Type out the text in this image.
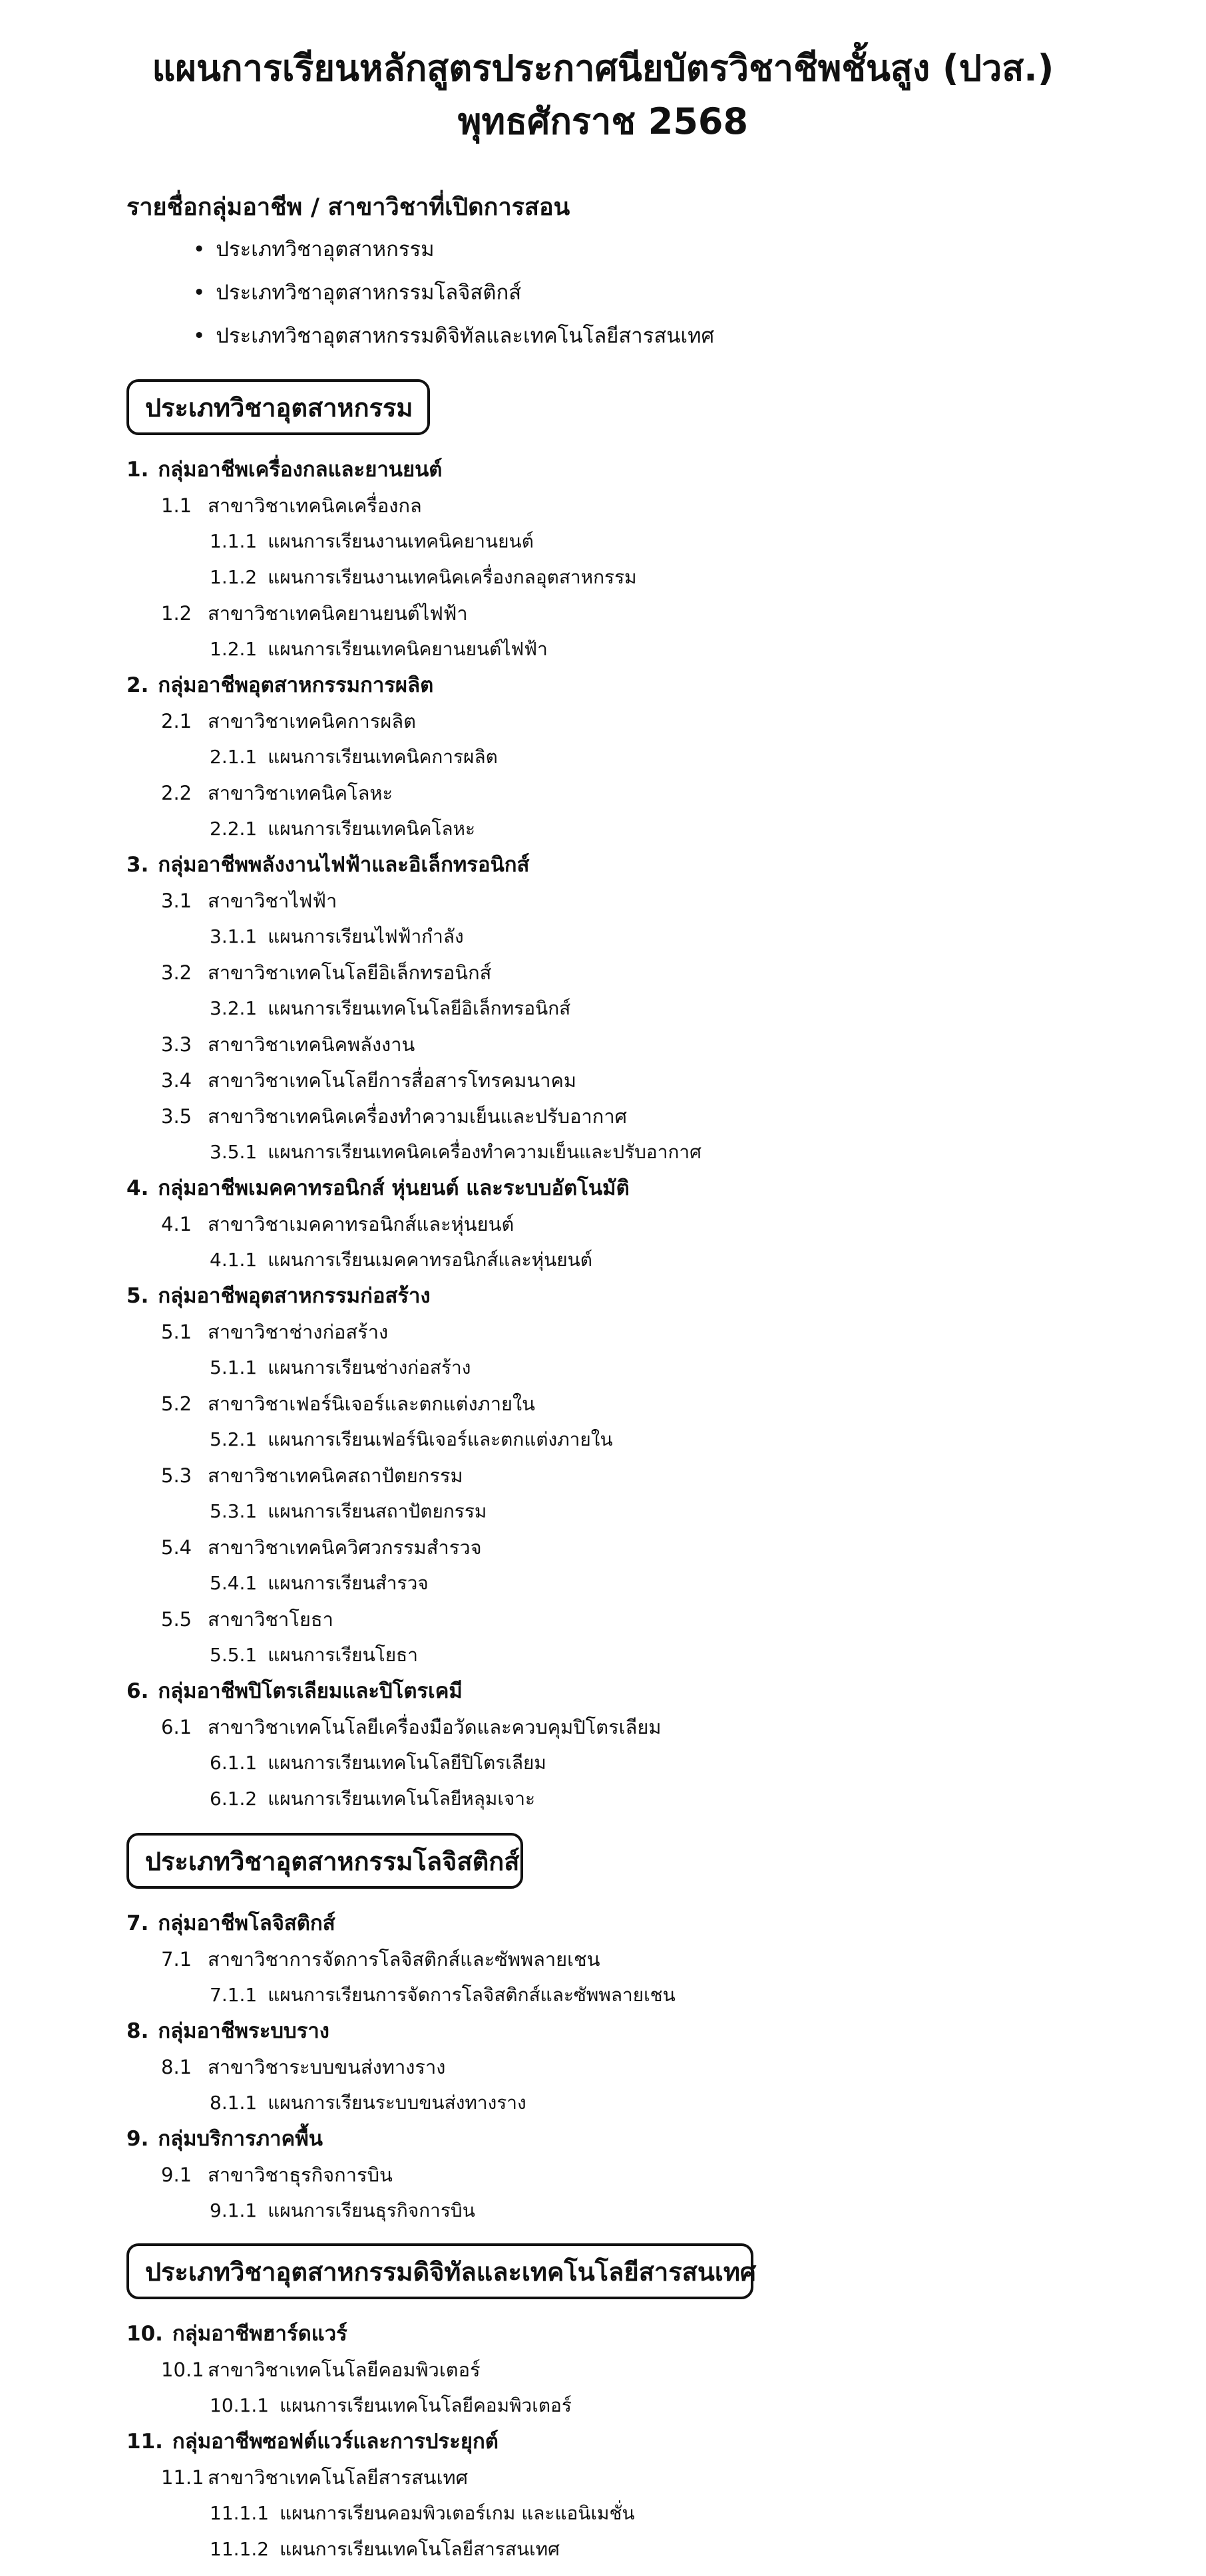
แผนการเรียนหลักสูตรประกาศนียบัตรวิชาชีพชั้นสูง (ปวส.)
พุทธศักราช 2568
รายชื่อกลุ่มอาชีพ / สาขาวิชาที่เปิดการสอน
• ประเภทวิชาอุตสาหกรรม
• ประเภทวิชาอุตสาหกรรมโลจิสติกส์
• ประเภทวิชาอุตสาหกรรมดิจิทัลและเทคโนโลยีสารสนเทศ
ประเภทวิชาอุตสาหกรรม
1. กลุ่มอาชีพเครื่องกลและยานยนต์
1.1 สาขาวิชาเทคนิคเครื่องกล
1.1.1 แผนการเรียนงานเทคนิคยานยนต์
1.1.2 แผนการเรียนงานเทคนิคเครื่องกลอุตสาหกรรม
1.2 สาขาวิชาเทคนิคยานยนต์ไฟฟ้า
1.2.1 แผนการเรียนเทคนิคยานยนต์ไฟฟ้า
2. กลุ่มอาชีพอุตสาหกรรมการผลิต
2.1 สาขาวิชาเทคนิคการผลิต
2.1.1 แผนการเรียนเทคนิคการผลิต
2.2 สาขาวิชาเทคนิคโลหะ
2.2.1 แผนการเรียนเทคนิคโลหะ
3. กลุ่มอาชีพพลังงานไฟฟ้าและอิเล็กทรอนิกส์
3.1 สาขาวิชาไฟฟ้า
3.1.1 แผนการเรียนไฟฟ้ากำลัง
3.2 สาขาวิชาเทคโนโลยีอิเล็กทรอนิกส์
3.2.1 แผนการเรียนเทคโนโลยีอิเล็กทรอนิกส์
3.3 สาขาวิชาเทคนิคพลังงาน
3.4 สาขาวิชาเทคโนโลยีการสื่อสารโทรคมนาคม
3.5 สาขาวิชาเทคนิคเครื่องทำความเย็นและปรับอากาศ
3.5.1 แผนการเรียนเทคนิคเครื่องทำความเย็นและปรับอากาศ
4. กลุ่มอาชีพเมคคาทรอนิกส์ หุ่นยนต์ และระบบอัตโนมัติ
4.1 สาขาวิชาเมคคาทรอนิกส์และหุ่นยนต์
4.1.1 แผนการเรียนเมคคาทรอนิกส์และหุ่นยนต์
5. กลุ่มอาชีพอุตสาหกรรมก่อสร้าง
5.1 สาขาวิชาช่างก่อสร้าง
5.1.1 แผนการเรียนช่างก่อสร้าง
5.2 สาขาวิชาเฟอร์นิเจอร์และตกแต่งภายใน
5.2.1 แผนการเรียนเฟอร์นิเจอร์และตกแต่งภายใน
5.3 สาขาวิชาเทคนิคสถาปัตยกรรม
5.3.1 แผนการเรียนสถาปัตยกรรม
5.4 สาขาวิชาเทคนิควิศวกรรมสำรวจ
5.4.1 แผนการเรียนสำรวจ
5.5 สาขาวิชาโยธา
5.5.1 แผนการเรียนโยธา
6. กลุ่มอาชีพปิโตรเลียมและปิโตรเคมี
6.1 สาขาวิชาเทคโนโลยีเครื่องมือวัดและควบคุมปิโตรเลียม
6.1.1 แผนการเรียนเทคโนโลยีปิโตรเลียม
6.1.2 แผนการเรียนเทคโนโลยีหลุมเจาะ
ประเภทวิชาอุตสาหกรรมโลจิสติกส์
7. กลุ่มอาชีพโลจิสติกส์
7.1 สาขาวิชาการจัดการโลจิสติกส์และซัพพลายเชน
7.1.1 แผนการเรียนการจัดการโลจิสติกส์และซัพพลายเชน
8. กลุ่มอาชีพระบบราง
8.1 สาขาวิชาระบบขนส่งทางราง
8.1.1 แผนการเรียนระบบขนส่งทางราง
9. กลุ่มบริการภาคพื้น
9.1 สาขาวิชาธุรกิจการบิน
9.1.1 แผนการเรียนธุรกิจการบิน
ประเภทวิชาอุตสาหกรรมดิจิทัลและเทคโนโลยีสารสนเทศ
10. กลุ่มอาชีพฮาร์ดแวร์
10.1 สาขาวิชาเทคโนโลยีคอมพิวเตอร์
10.1.1 แผนการเรียนเทคโนโลยีคอมพิวเตอร์
11. กลุ่มอาชีพซอฟต์แวร์และการประยุกต์
11.1 สาขาวิชาเทคโนโลยีสารสนเทศ
11.1.1 แผนการเรียนคอมพิวเตอร์เกม และแอนิเมชั่น
11.1.2 แผนการเรียนเทคโนโลยีสารสนเทศ
